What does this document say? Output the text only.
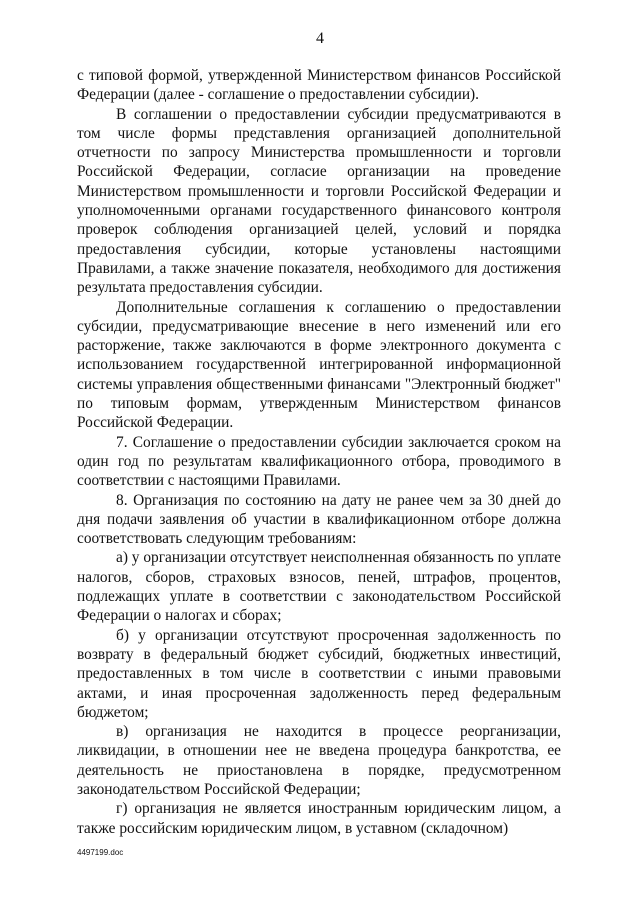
4

с типовой формой, утвержденной Министерством финансов Российской Федерации (далее - соглашение о предоставлении субсидии).

В соглашении о предоставлении субсидии предусматриваются в том числе формы представления организацией дополнительной отчетности по запросу Министерства промышленности и торговли Российской Федерации, согласие организации на проведение Министерством промышленности и торговли Российской Федерации и уполномоченными органами государственного финансового контроля проверок соблюдения организацией целей, условий и порядка предоставления субсидии, которые установлены настоящими Правилами, а также значение показателя, необходимого для достижения результата предоставления субсидии.

Дополнительные соглашения к соглашению о предоставлении субсидии, предусматривающие внесение в него изменений или его расторжение, также заключаются в форме электронного документа с использованием государственной интегрированной информационной системы управления общественными финансами "Электронный бюджет" по типовым формам, утвержденным Министерством финансов Российской Федерации.

7. Соглашение о предоставлении субсидии заключается сроком на один год по результатам квалификационного отбора, проводимого в соответствии с настоящими Правилами.

8. Организация по состоянию на дату не ранее чем за 30 дней до дня подачи заявления об участии в квалификационном отборе должна соответствовать следующим требованиям:

а) у организации отсутствует неисполненная обязанность по уплате налогов, сборов, страховых взносов, пеней, штрафов, процентов, подлежащих уплате в соответствии с законодательством Российской Федерации о налогах и сборах;

б) у организации отсутствуют просроченная задолженность по возврату в федеральный бюджет субсидий, бюджетных инвестиций, предоставленных в том числе в соответствии с иными правовыми актами, и иная просроченная задолженность перед федеральным бюджетом;

в) организация не находится в процессе реорганизации, ликвидации, в отношении нее не введена процедура банкротства, ее деятельность не приостановлена в порядке, предусмотренном законодательством Российской Федерации;

г) организация не является иностранным юридическим лицом, а также российским юридическим лицом, в уставном (складочном)

4497199.doc
